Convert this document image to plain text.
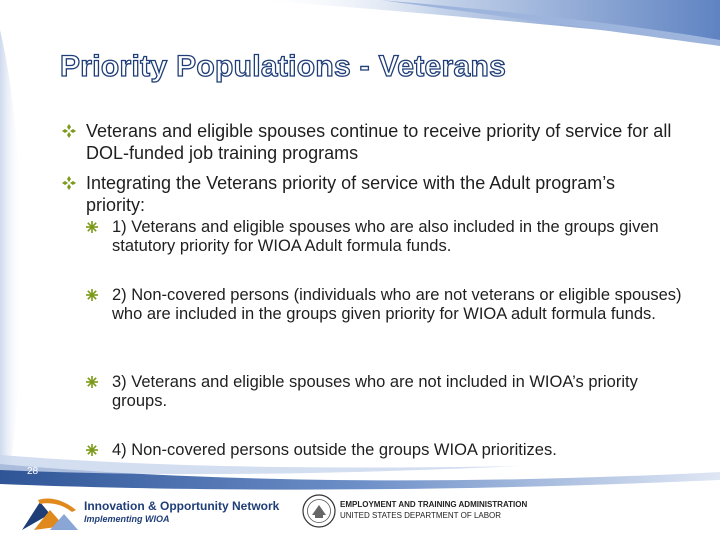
Priority Populations - Veterans
Veterans and eligible spouses continue to receive priority of service for all DOL-funded job training programs
Integrating the Veterans priority of service with the Adult program’s priority:
1) Veterans and eligible spouses who are also included in the groups given statutory priority for WIOA Adult formula funds.
2) Non-covered persons (individuals who are not veterans or eligible spouses) who are included in the groups given priority for WIOA adult formula funds.
3) Veterans and eligible spouses who are not included in WIOA’s priority groups.
4) Non-covered persons outside the groups WIOA prioritizes.
28
Innovation & Opportunity Network
Implementing WIOA
EMPLOYMENT AND TRAINING ADMINISTRATION
UNITED STATES DEPARTMENT OF LABOR
